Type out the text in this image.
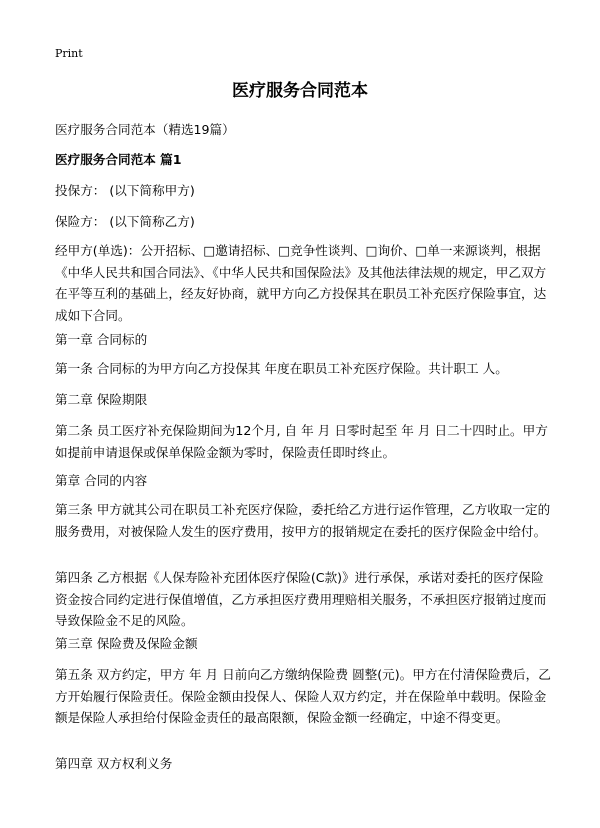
Print
医疗服务合同范本

医疗服务合同范本（精选19篇）

医疗服务合同范本 篇1

投保方： (以下简称甲方)

保险方： (以下简称乙方)

经甲方(单选)：公开招标、□邀请招标、□竞争性谈判、□询价、□单一来源谈判，根据《中华人民共和国合同法》、《中华人民共和国保险法》及其他法律法规的规定，甲乙双方在平等互利的基础上，经友好协商，就甲方向乙方投保其在职员工补充医疗保险事宜，达成如下合同。

第一章 合同标的

第一条 合同标的为甲方向乙方投保其 年度在职员工补充医疗保险。共计职工 人。

第二章 保险期限

第二条 员工医疗补充保险期间为12个月, 自 年 月 日零时起至 年 月 日二十四时止。甲方如提前申请退保或保单保险金额为零时，保险责任即时终止。

第章 合同的内容

第三条 甲方就其公司在职员工补充医疗保险，委托给乙方进行运作管理，乙方收取一定的服务费用，对被保险人发生的医疗费用，按甲方的报销规定在委托的医疗保险金中给付。

第四条 乙方根据《人保寿险补充团体医疗保险(C款)》进行承保，承诺对委托的医疗保险资金按合同约定进行保值增值，乙方承担医疗费用理赔相关服务，不承担医疗报销过度而导致保险金不足的风险。

第三章 保险费及保险金额

第五条 双方约定，甲方 年 月 日前向乙方缴纳保险费 圆整(元)。甲方在付清保险费后，乙方开始履行保险责任。保险金额由投保人、保险人双方约定，并在保险单中载明。保险金额是保险人承担给付保险金责任的最高限额，保险金额一经确定，中途不得变更。

第四章 双方权利义务
